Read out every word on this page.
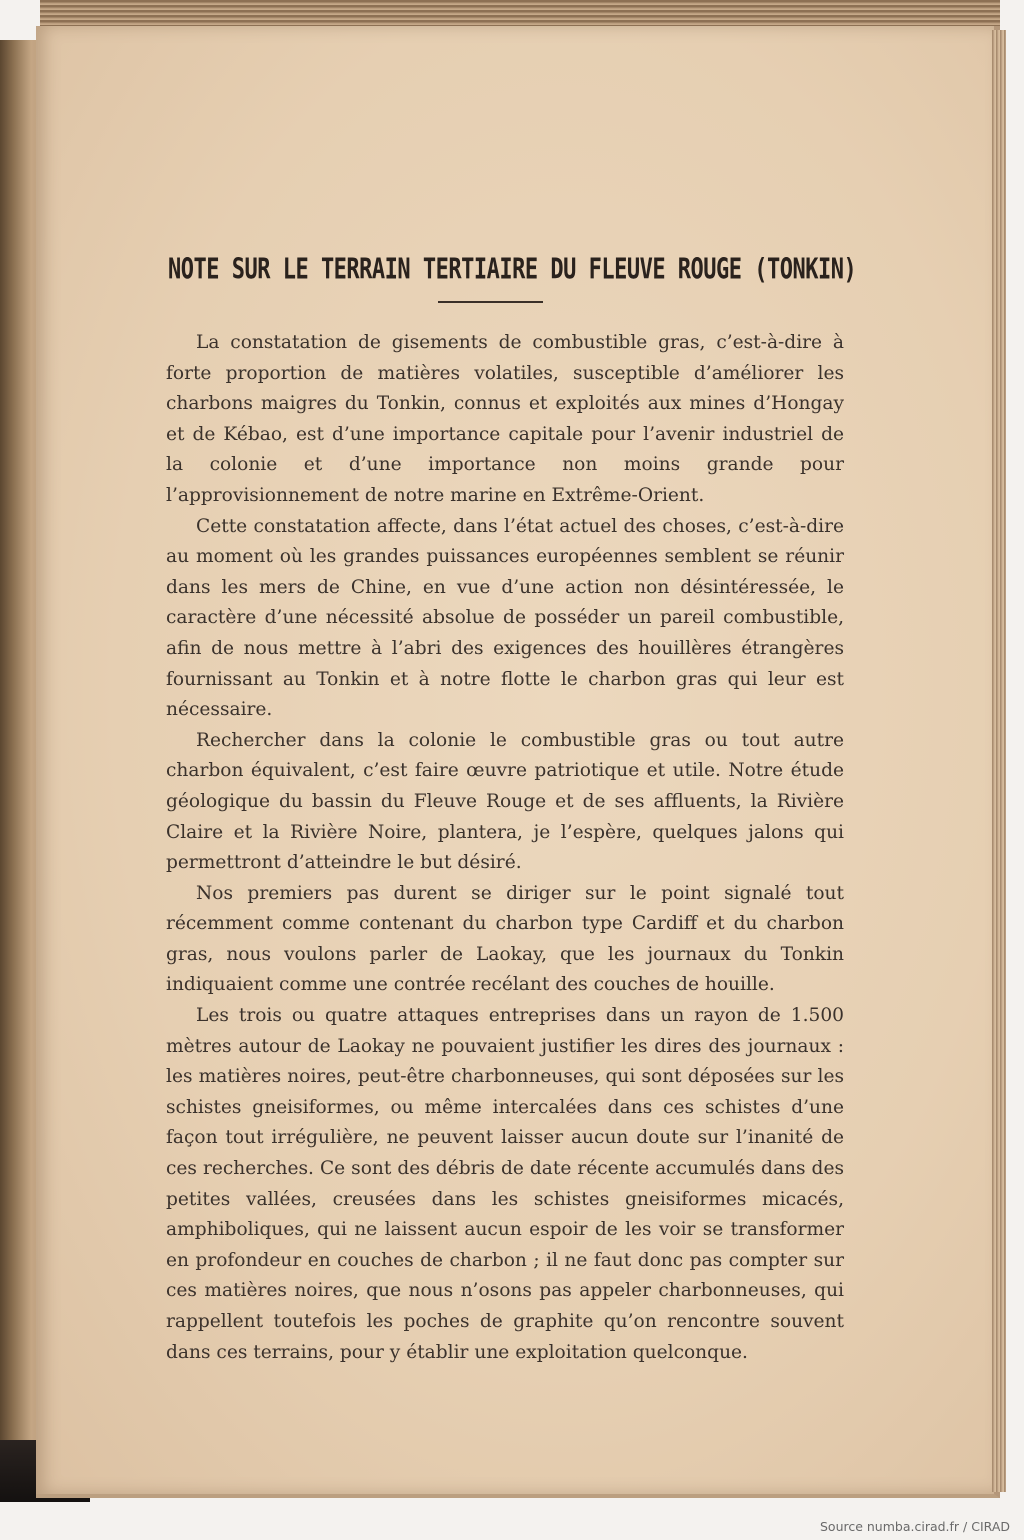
NOTE SUR LE TERRAIN TERTIAIRE DU FLEUVE ROUGE (TONKIN)

La constatation de gisements de combustible gras, c’est-à-dire à forte proportion de matières volatiles, susceptible d’améliorer les charbons maigres du Tonkin, connus et exploités aux mines d’Hongay et de Kébao, est d’une importance capitale pour l’avenir industriel de la colonie et d’une importance non moins grande pour l’approvisionnement de notre marine en Extrême-Orient.

Cette constatation affecte, dans l’état actuel des choses, c’est-à-dire au moment où les grandes puissances européennes semblent se réunir dans les mers de Chine, en vue d’une action non désintéressée, le caractère d’une nécessité absolue de posséder un pareil combustible, afin de nous mettre à l’abri des exigences des houillères étrangères fournissant au Tonkin et à notre flotte le charbon gras qui leur est nécessaire.

Rechercher dans la colonie le combustible gras ou tout autre charbon équivalent, c’est faire œuvre patriotique et utile. Notre étude géologique du bassin du Fleuve Rouge et de ses affluents, la Rivière Claire et la Rivière Noire, plantera, je l’espère, quelques jalons qui permettront d’atteindre le but désiré.

Nos premiers pas durent se diriger sur le point signalé tout récemment comme contenant du charbon type Cardiff et du charbon gras, nous voulons parler de Laokay, que les journaux du Tonkin indiquaient comme une contrée recélant des couches de houille.

Les trois ou quatre attaques entreprises dans un rayon de 1.500 mètres autour de Laokay ne pouvaient justifier les dires des journaux : les matières noires, peut-être charbonneuses, qui sont déposées sur les schistes gneisiformes, ou même intercalées dans ces schistes d’une façon tout irrégulière, ne peuvent laisser aucun doute sur l’inanité de ces recherches. Ce sont des débris de date récente accumulés dans des petites vallées, creusées dans les schistes gneisiformes micacés, amphiboliques, qui ne laissent aucun espoir de les voir se transformer en profondeur en couches de charbon ; il ne faut donc pas compter sur ces matières noires, que nous n’osons pas appeler charbonneuses, qui rappellent toutefois les poches de graphite qu’on rencontre souvent dans ces terrains, pour y établir une exploitation quelconque.

Source numba.cirad.fr / CIRAD
